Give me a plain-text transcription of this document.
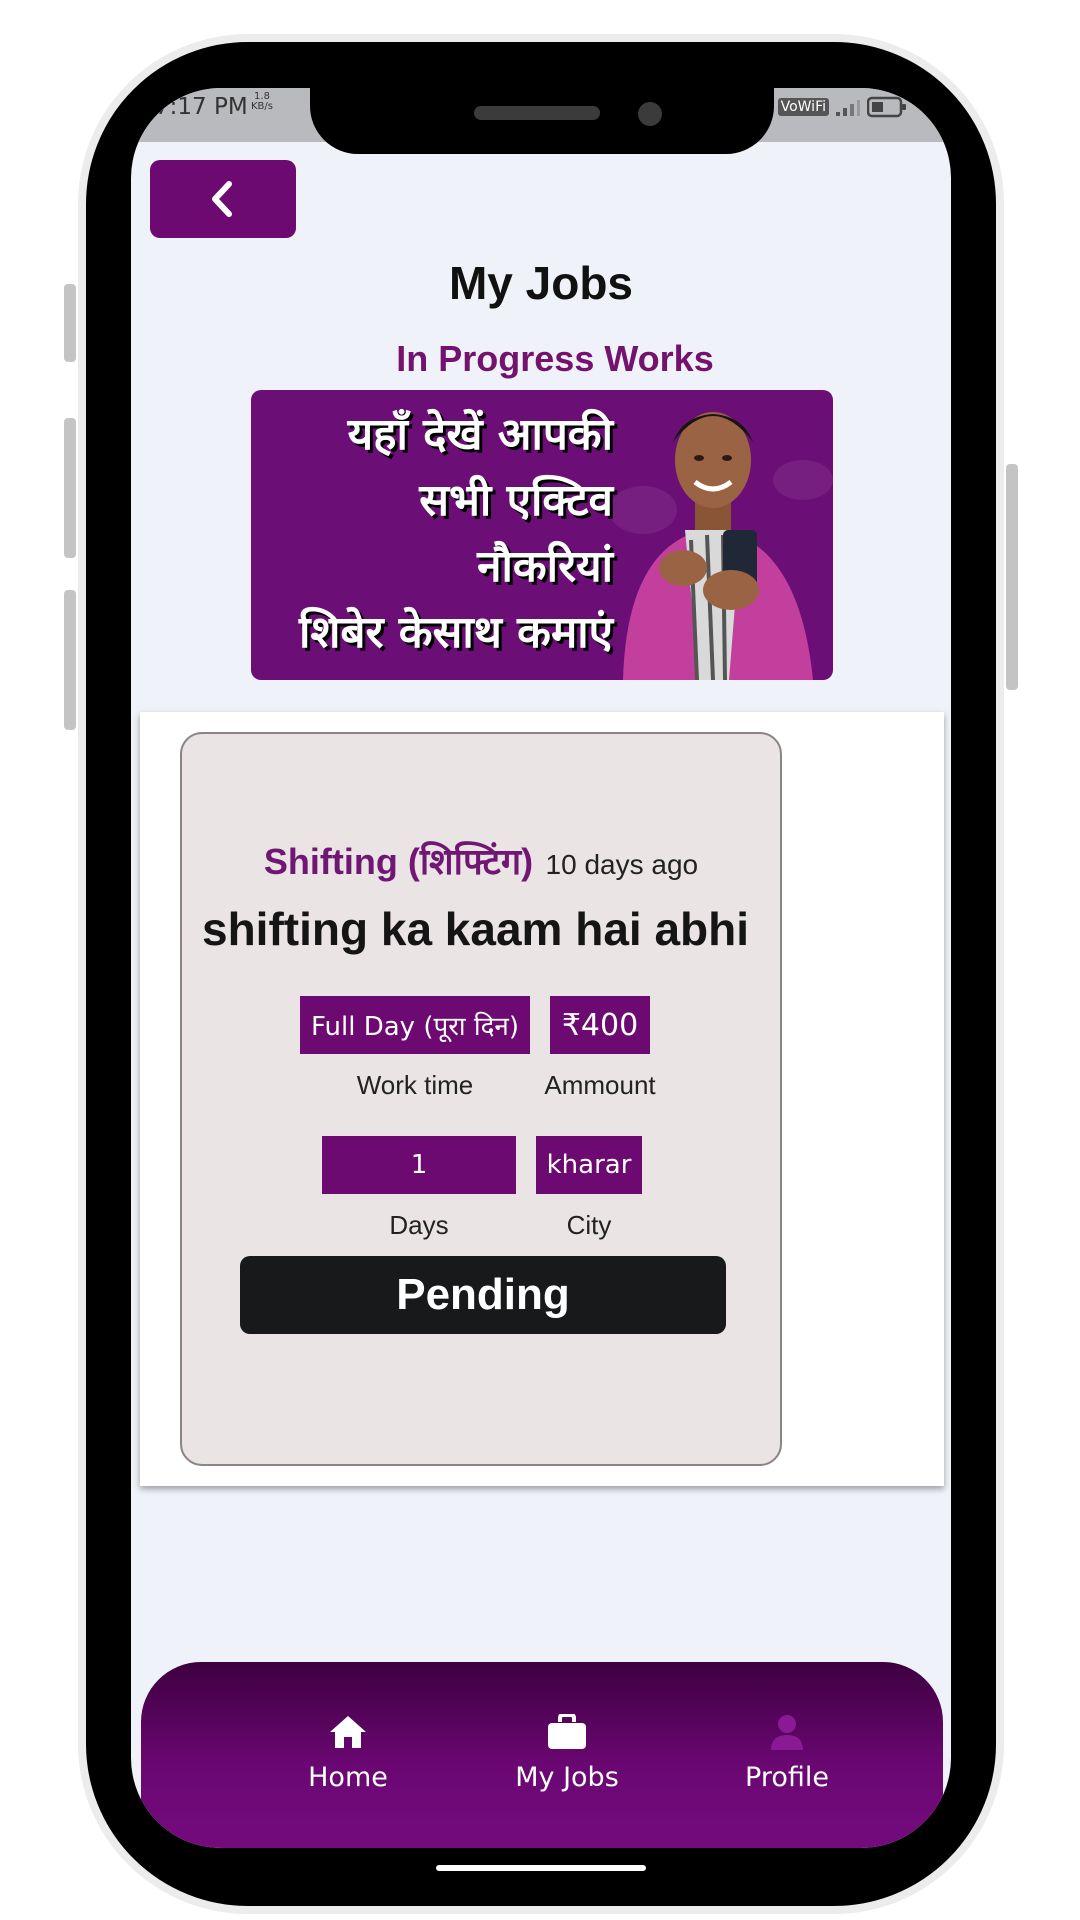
7:17 PM 1.8
KB/s	VoWiFi
My Jobs
In Progress Works
यहाँ देखें आपकी
सभी एक्टिव
नौकरियां
शिबेर केसाथ कमाएं
Shifting (शिफ्टिंग) 10 days ago
shifting ka kaam hai abhi
Full Day (पूरा दिन)	₹400
Work time	Ammount
1	kharar
Days	City
Pending
Home	My Jobs	Profile
